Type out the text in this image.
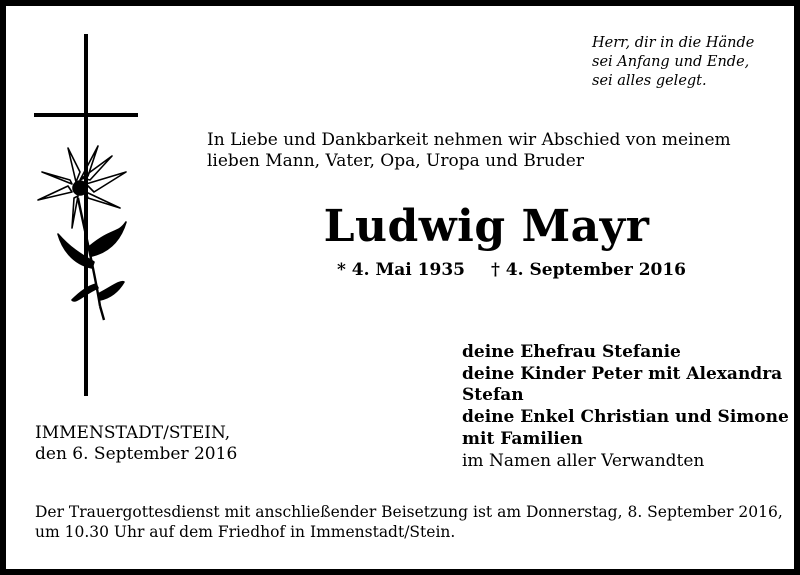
Herr, dir in die Hände
sei Anfang und Ende,
sei alles gelegt.
In Liebe und Dankbarkeit nehmen wir Abschied von meinem
lieben Mann, Vater, Opa, Uropa und Bruder
Ludwig Mayr
* 4. Mai 1935 † 4. September 2016
deine Ehefrau Stefanie
deine Kinder Peter mit Alexandra
Stefan
deine Enkel Christian und Simone
mit Familien
im Namen aller Verwandten
IMMENSTADT/STEIN,
den 6. September 2016
Der Trauergottesdienst mit anschließender Beisetzung ist am Donnerstag, 8. September 2016,
um 10.30 Uhr auf dem Friedhof in Immenstadt/Stein.
